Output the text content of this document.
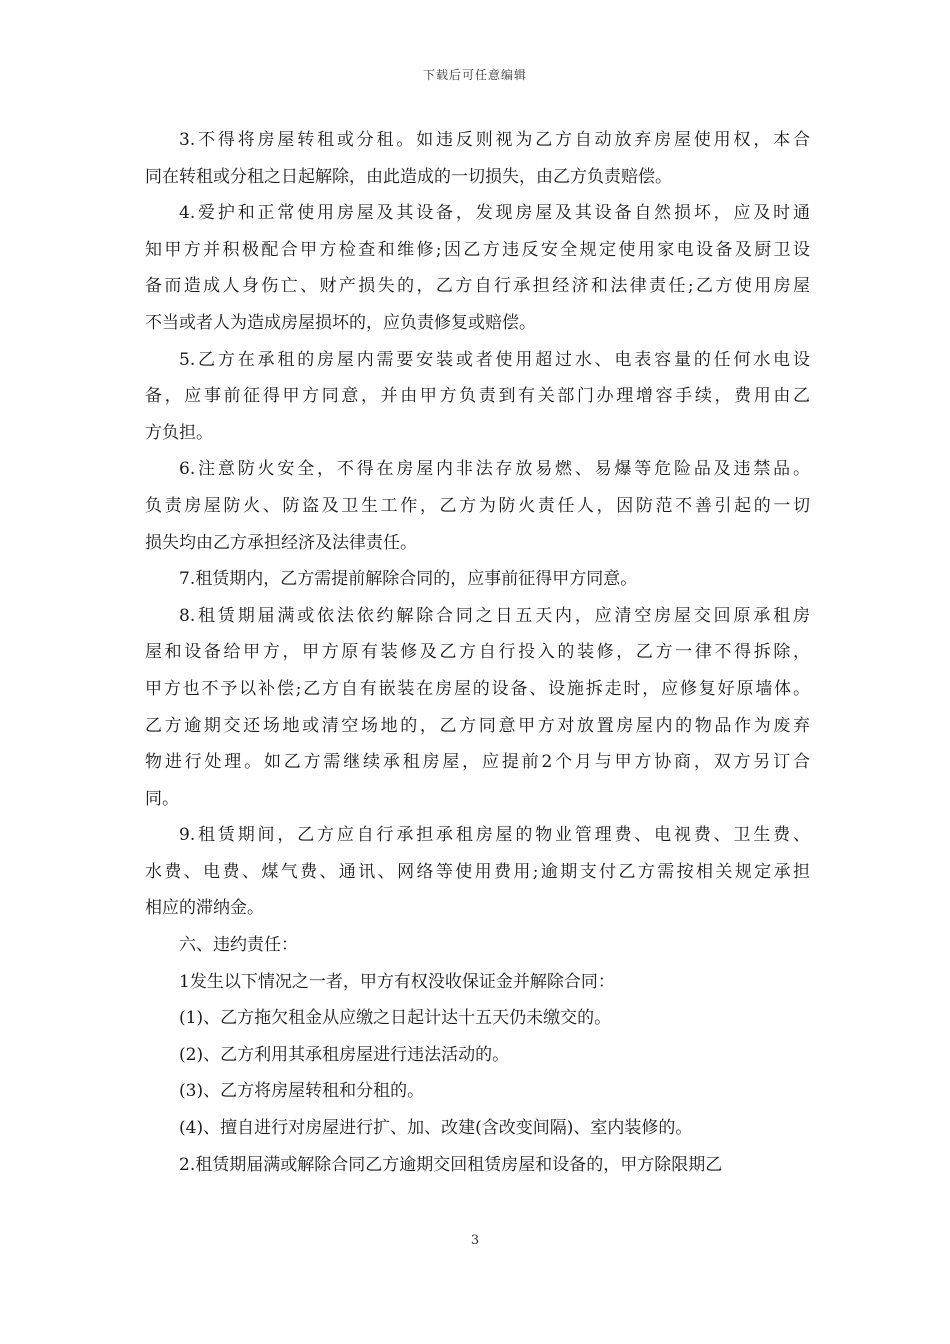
下载后可任意编辑

3.不得将房屋转租或分租。如违反则视为乙方自动放弃房屋使用权，本合
同在转租或分租之日起解除，由此造成的一切损失，由乙方负责赔偿。

4.爱护和正常使用房屋及其设备，发现房屋及其设备自然损坏，应及时通
知甲方并积极配合甲方检查和维修;因乙方违反安全规定使用家电设备及厨卫设
备而造成人身伤亡、财产损失的，乙方自行承担经济和法律责任;乙方使用房屋
不当或者人为造成房屋损坏的，应负责修复或赔偿。

5.乙方在承租的房屋内需要安装或者使用超过水、电表容量的任何水电设
备，应事前征得甲方同意，并由甲方负责到有关部门办理增容手续，费用由乙
方负担。

6.注意防火安全，不得在房屋内非法存放易燃、易爆等危险品及违禁品。
负责房屋防火、防盗及卫生工作，乙方为防火责任人，因防范不善引起的一切
损失均由乙方承担经济及法律责任。

7.租赁期内，乙方需提前解除合同的，应事前征得甲方同意。

8.租赁期届满或依法依约解除合同之日五天内，应清空房屋交回原承租房
屋和设备给甲方，甲方原有装修及乙方自行投入的装修，乙方一律不得拆除，
甲方也不予以补偿;乙方自有嵌装在房屋的设备、设施拆走时，应修复好原墙体。
乙方逾期交还场地或清空场地的，乙方同意甲方对放置房屋内的物品作为废弃
物进行处理。如乙方需继续承租房屋，应提前2个月与甲方协商，双方另订合
同。

9.租赁期间，乙方应自行承担承租房屋的物业管理费、电视费、卫生费、
水费、电费、煤气费、通讯、网络等使用费用;逾期支付乙方需按相关规定承担
相应的滞纳金。

六、违约责任：

1发生以下情况之一者，甲方有权没收保证金并解除合同：

(1)、乙方拖欠租金从应缴之日起计达十五天仍未缴交的。

(2)、乙方利用其承租房屋进行违法活动的。

(3)、乙方将房屋转租和分租的。

(4)、擅自进行对房屋进行扩、加、改建(含改变间隔)、室内装修的。

2.租赁期届满或解除合同乙方逾期交回租赁房屋和设备的，甲方除限期乙

3
